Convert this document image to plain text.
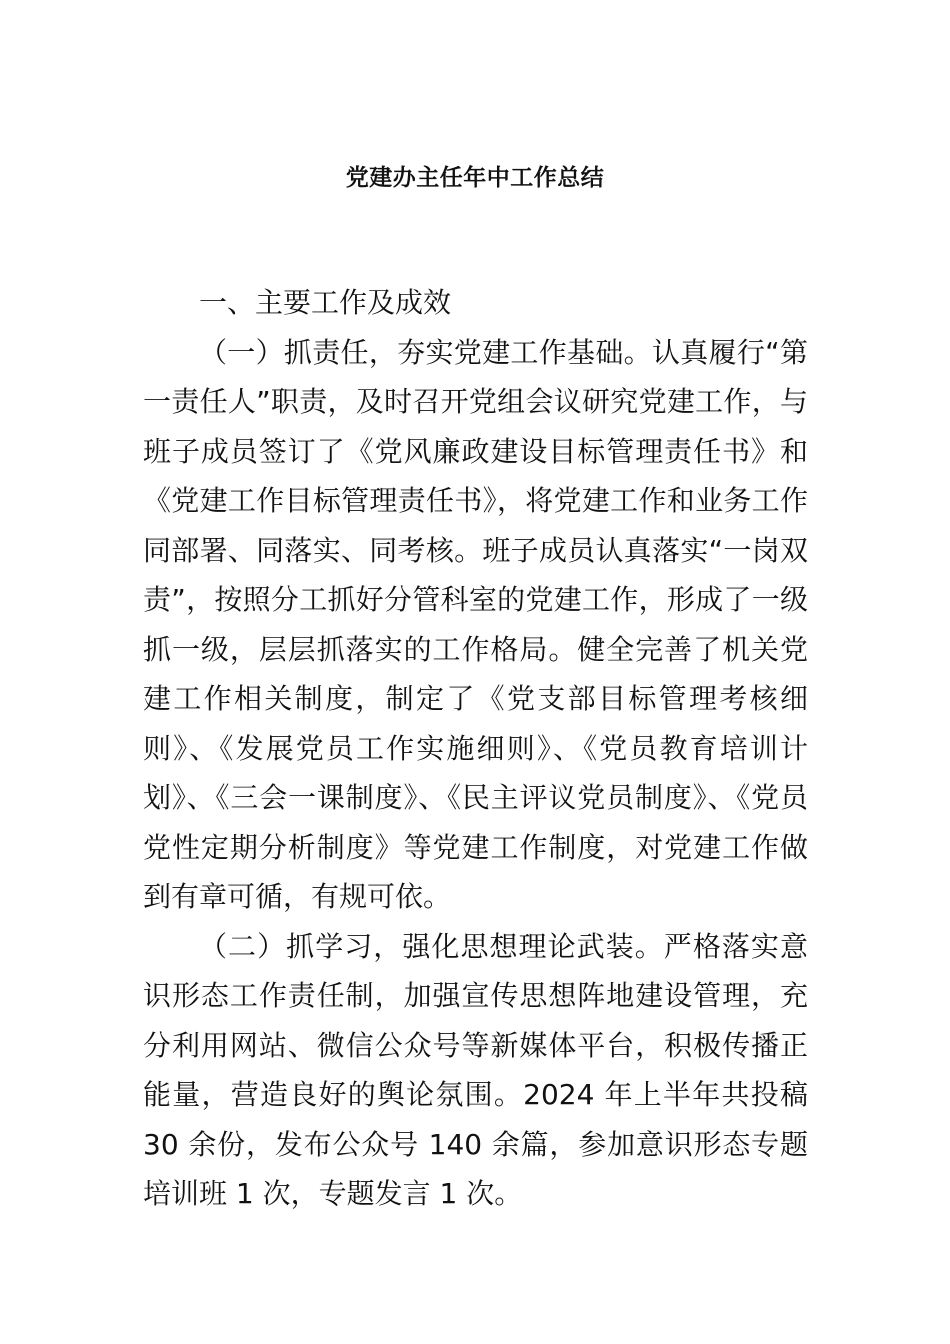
党建办主任年中工作总结

一、主要工作及成效

（一）抓责任，夯实党建工作基础。认真履行“第一责任人”职责，及时召开党组会议研究党建工作，与班子成员签订了《党风廉政建设目标管理责任书》和《党建工作目标管理责任书》，将党建工作和业务工作同部署、同落实、同考核。班子成员认真落实“一岗双责”，按照分工抓好分管科室的党建工作，形成了一级抓一级，层层抓落实的工作格局。健全完善了机关党建工作相关制度，制定了《党支部目标管理考核细则》、《发展党员工作实施细则》、《党员教育培训计划》、《三会一课制度》、《民主评议党员制度》、《党员党性定期分析制度》等党建工作制度，对党建工作做到有章可循，有规可依。

（二）抓学习，强化思想理论武装。严格落实意识形态工作责任制，加强宣传思想阵地建设管理，充分利用网站、微信公众号等新媒体平台，积极传播正能量，营造良好的舆论氛围。2024 年上半年共投稿 30 余份，发布公众号 140 余篇，参加意识形态专题培训班 1 次，专题发言 1 次。
